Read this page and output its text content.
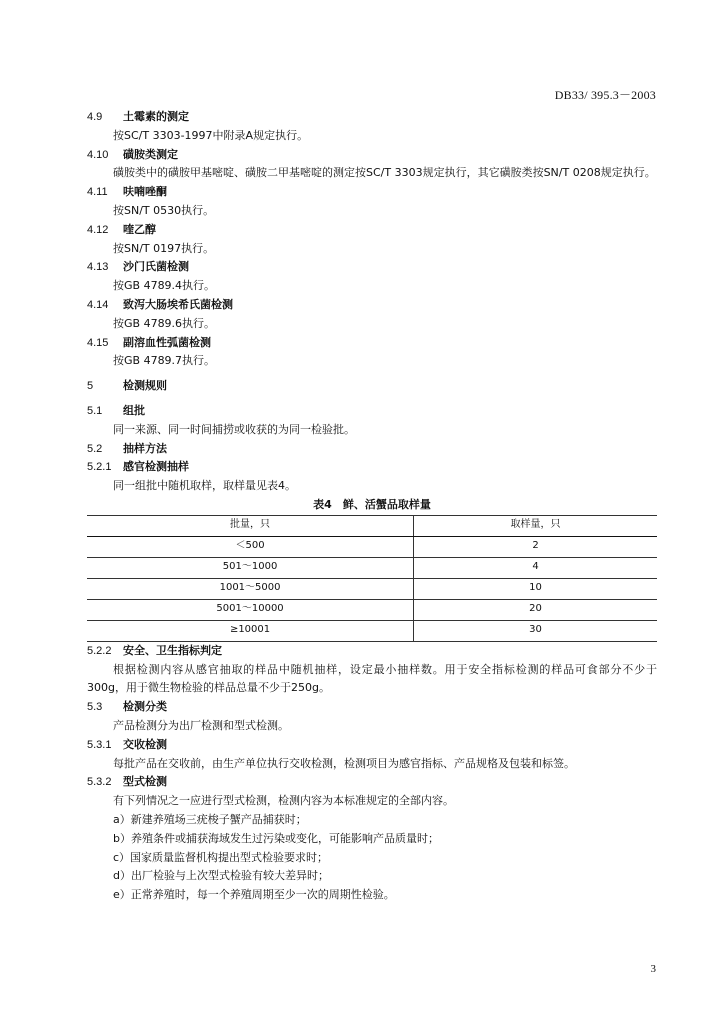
DB33/ 395.3－2003
4.9 土霉素的测定
按SC/T 3303-1997中附录A规定执行。
4.10 磺胺类测定
磺胺类中的磺胺甲基嘧啶、磺胺二甲基嘧啶的测定按SC/T 3303规定执行，其它磺胺类按SN/T 0208规定执行。
4.11 呋喃唑酮
按SN/T 0530执行。
4.12 喹乙醇
按SN/T 0197执行。
4.13 沙门氏菌检测
按GB 4789.4执行。
4.14 致泻大肠埃希氏菌检测
按GB 4789.6执行。
4.15 副溶血性弧菌检测
按GB 4789.7执行。
5	检测规则
5.1 组批
同一来源、同一时间捕捞或收获的为同一检验批。
5.2 抽样方法
5.2.1 感官检测抽样
同一组批中随机取样，取样量见表4。
表4　鲜、活蟹品取样量
批量，只	取样量，只
＜500	2
501～1000	4
1001～5000	10
5001～10000	20
≥10001	30
5.2.2 安全、卫生指标判定
根据检测内容从感官抽取的样品中随机抽样，设定最小抽样数。用于安全指标检测的样品可食部分不少于300g，用于微生物检验的样品总量不少于250g。
5.3 检测分类
产品检测分为出厂检测和型式检测。
5.3.1 交收检测
每批产品在交收前，由生产单位执行交收检测，检测项目为感官指标、产品规格及包装和标签。
5.3.2 型式检测
有下列情况之一应进行型式检测，检测内容为本标准规定的全部内容。
a）新建养殖场三疣梭子蟹产品捕获时；
b）养殖条件或捕获海域发生过污染或变化，可能影响产品质量时；
c）国家质量监督机构提出型式检验要求时；
d）出厂检验与上次型式检验有较大差异时；
e）正常养殖时，每一个养殖周期至少一次的周期性检验。
3
